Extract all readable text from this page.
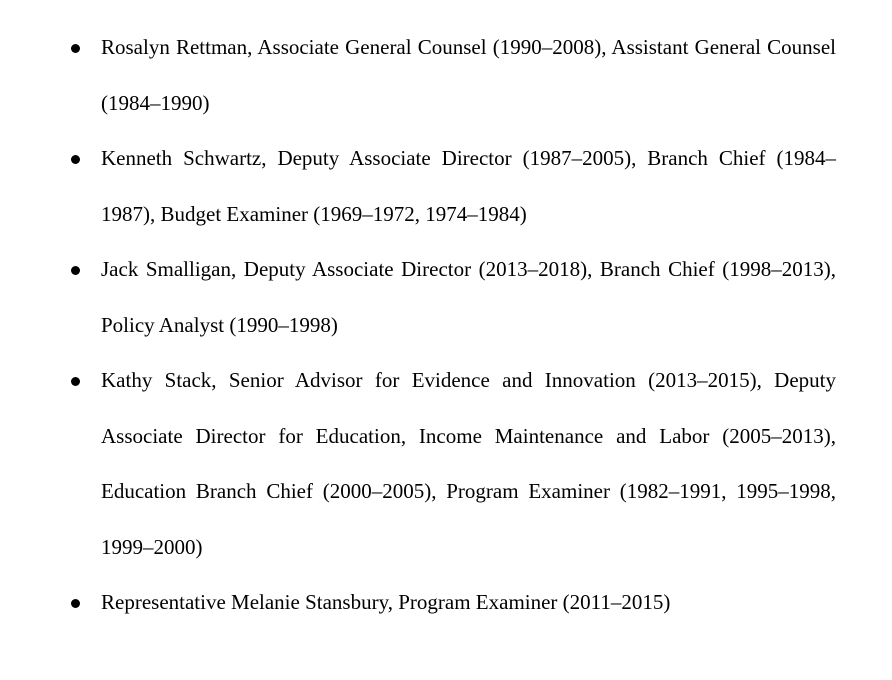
Rosalyn Rettman, Associate General Counsel (1990–2008), Assistant General Counsel (1984–1990)
Kenneth Schwartz, Deputy Associate Director (1987–2005), Branch Chief (1984–1987), Budget Examiner (1969–1972, 1974–1984)
Jack Smalligan, Deputy Associate Director (2013–2018), Branch Chief (1998–2013), Policy Analyst (1990–1998)
Kathy Stack, Senior Advisor for Evidence and Innovation (2013–2015), Deputy Associate Director for Education, Income Maintenance and Labor (2005–2013), Education Branch Chief (2000–2005), Program Examiner (1982–1991, 1995–1998, 1999–2000)
Representative Melanie Stansbury, Program Examiner (2011–2015)
